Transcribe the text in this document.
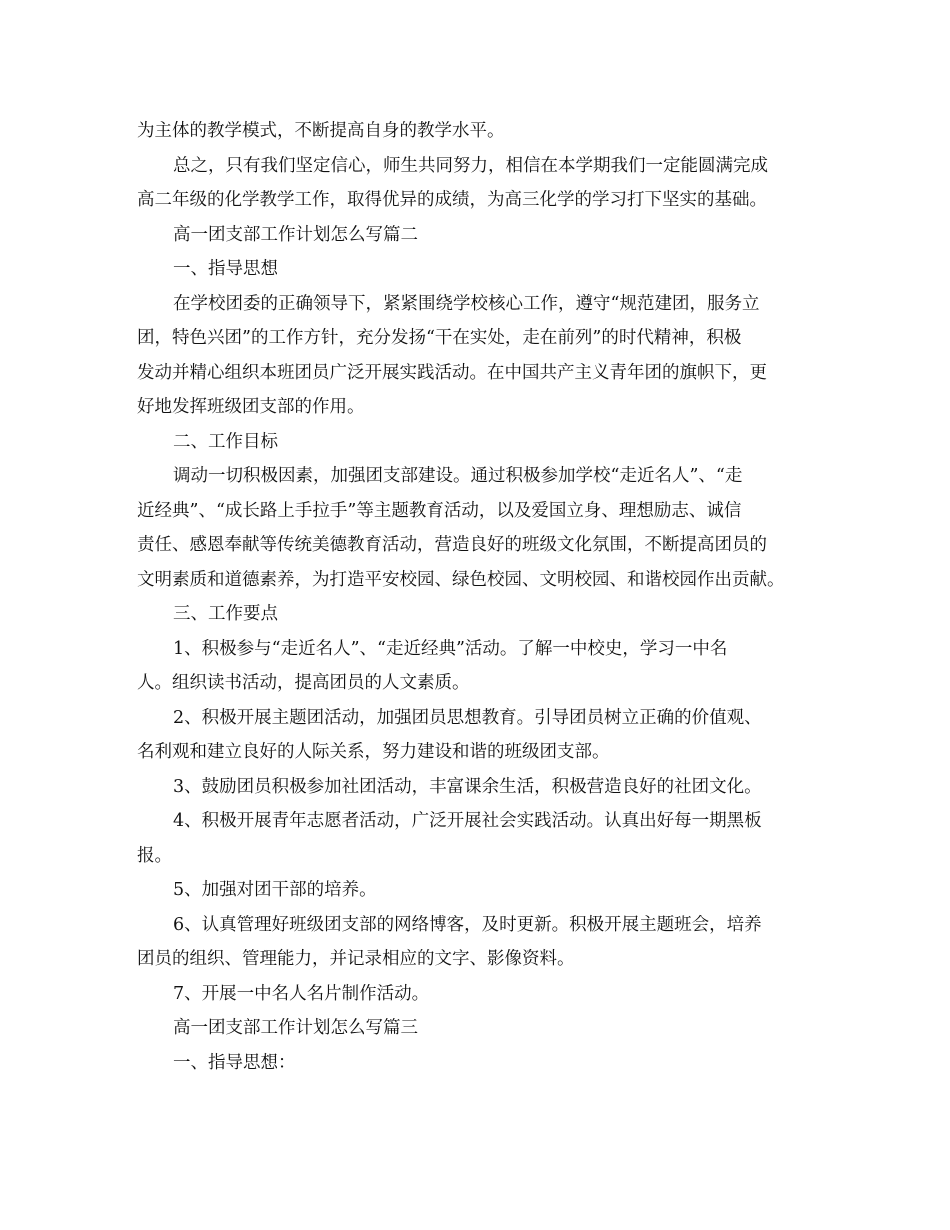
为主体的教学模式，不断提高自身的教学水平。
总之，只有我们坚定信心，师生共同努力，相信在本学期我们一定能圆满完成
高二年级的化学教学工作，取得优异的成绩，为高三化学的学习打下坚实的基础。
高一团支部工作计划怎么写篇二
一、指导思想
在学校团委的正确领导下，紧紧围绕学校核心工作，遵守“规范建团，服务立
团，特色兴团”的工作方针，充分发扬“干在实处，走在前列”的时代精神，积极
发动并精心组织本班团员广泛开展实践活动。在中国共产主义青年团的旗帜下，更
好地发挥班级团支部的作用。
二、工作目标
调动一切积极因素，加强团支部建设。通过积极参加学校“走近名人”、“走
近经典”、“成长路上手拉手”等主题教育活动，以及爱国立身、理想励志、诚信
责任、感恩奉献等传统美德教育活动，营造良好的班级文化氛围，不断提高团员的
文明素质和道德素养，为打造平安校园、绿色校园、文明校园、和谐校园作出贡献。
三、工作要点
1、积极参与“走近名人”、“走近经典”活动。了解一中校史，学习一中名
人。组织读书活动，提高团员的人文素质。
2、积极开展主题团活动，加强团员思想教育。引导团员树立正确的价值观、
名利观和建立良好的人际关系，努力建设和谐的班级团支部。
3、鼓励团员积极参加社团活动，丰富课余生活，积极营造良好的社团文化。
4、积极开展青年志愿者活动，广泛开展社会实践活动。认真出好每一期黑板
报。
5、加强对团干部的培养。
6、认真管理好班级团支部的网络博客，及时更新。积极开展主题班会，培养
团员的组织、管理能力，并记录相应的文字、影像资料。
7、开展一中名人名片制作活动。
高一团支部工作计划怎么写篇三
一、指导思想：
